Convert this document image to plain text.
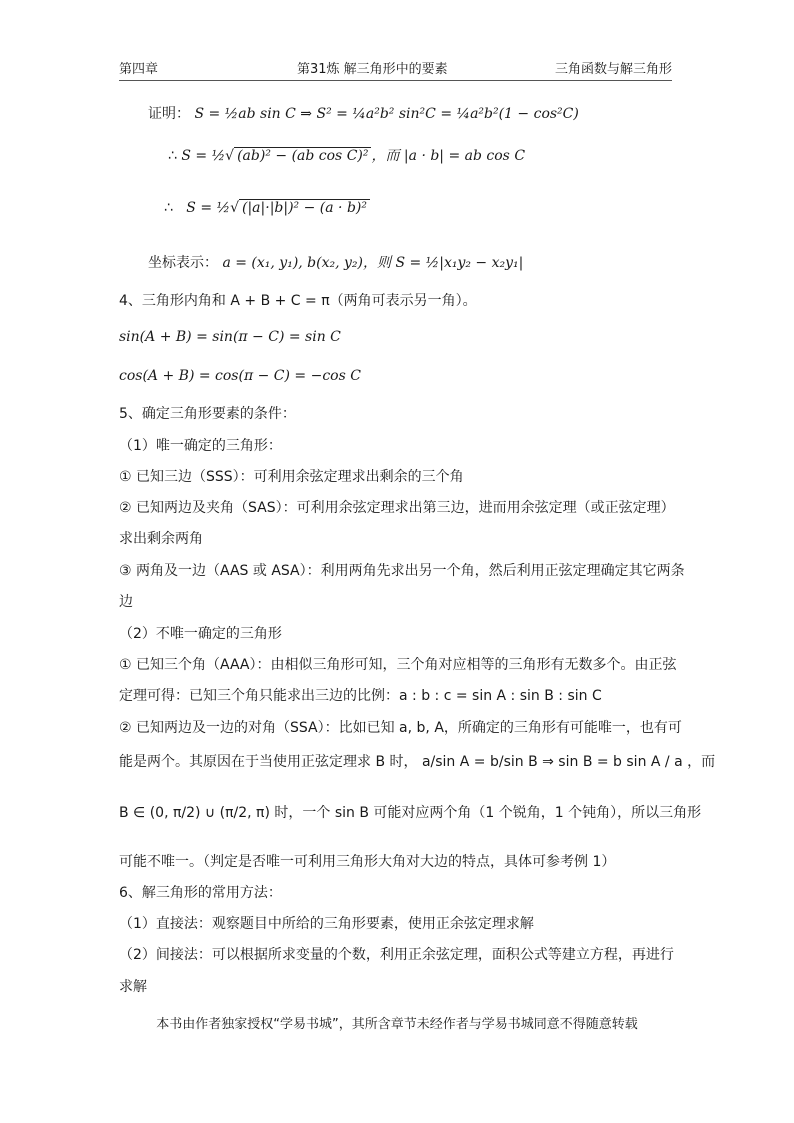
第四章	第31炼 解三角形中的要素	三角函数与解三角形
证明： S = ½ab sin C ⇒ S² = ¼a²b² sin²C = ¼a²b²(1 − cos²C)
∴ S = ½√ (ab)² − (ab cos C)² ，而 |a · b| = ab cos C
∴ S = ½√ (|a|·|b|)² − (a · b)²
坐标表示： a = (x₁, y₁), b(x₂, y₂)，则 S = ½|x₁y₂ − x₂y₁|
4、三角形内角和 A + B + C = π（两角可表示另一角）。
sin(A + B) = sin(π − C) = sin C
cos(A + B) = cos(π − C) = −cos C
5、确定三角形要素的条件：
（1）唯一确定的三角形：
① 已知三边（SSS）：可利用余弦定理求出剩余的三个角
② 已知两边及夹角（SAS）：可利用余弦定理求出第三边，进而用余弦定理（或正弦定理）
求出剩余两角
③ 两角及一边（AAS 或 ASA）：利用两角先求出另一个角，然后利用正弦定理确定其它两条
边
（2）不唯一确定的三角形
① 已知三个角（AAA）：由相似三角形可知，三个角对应相等的三角形有无数多个。由正弦
定理可得：已知三个角只能求出三边的比例：a : b : c = sin A : sin B : sin C
② 已知两边及一边的对角（SSA）：比如已知 a, b, A，所确定的三角形有可能唯一，也有可
能是两个。其原因在于当使用正弦定理求 B 时， a/sin A = b/sin B ⇒ sin B = b sin A / a ，而
B ∈ (0, π/2) ∪ (π/2, π) 时，一个 sin B 可能对应两个角（1 个锐角，1 个钝角），所以三角形
可能不唯一。（判定是否唯一可利用三角形大角对大边的特点，具体可参考例 1）
6、解三角形的常用方法：
（1）直接法：观察题目中所给的三角形要素，使用正余弦定理求解
（2）间接法：可以根据所求变量的个数，利用正余弦定理，面积公式等建立方程，再进行
求解
本书由作者独家授权“学易书城”，其所含章节未经作者与学易书城同意不得随意转载
